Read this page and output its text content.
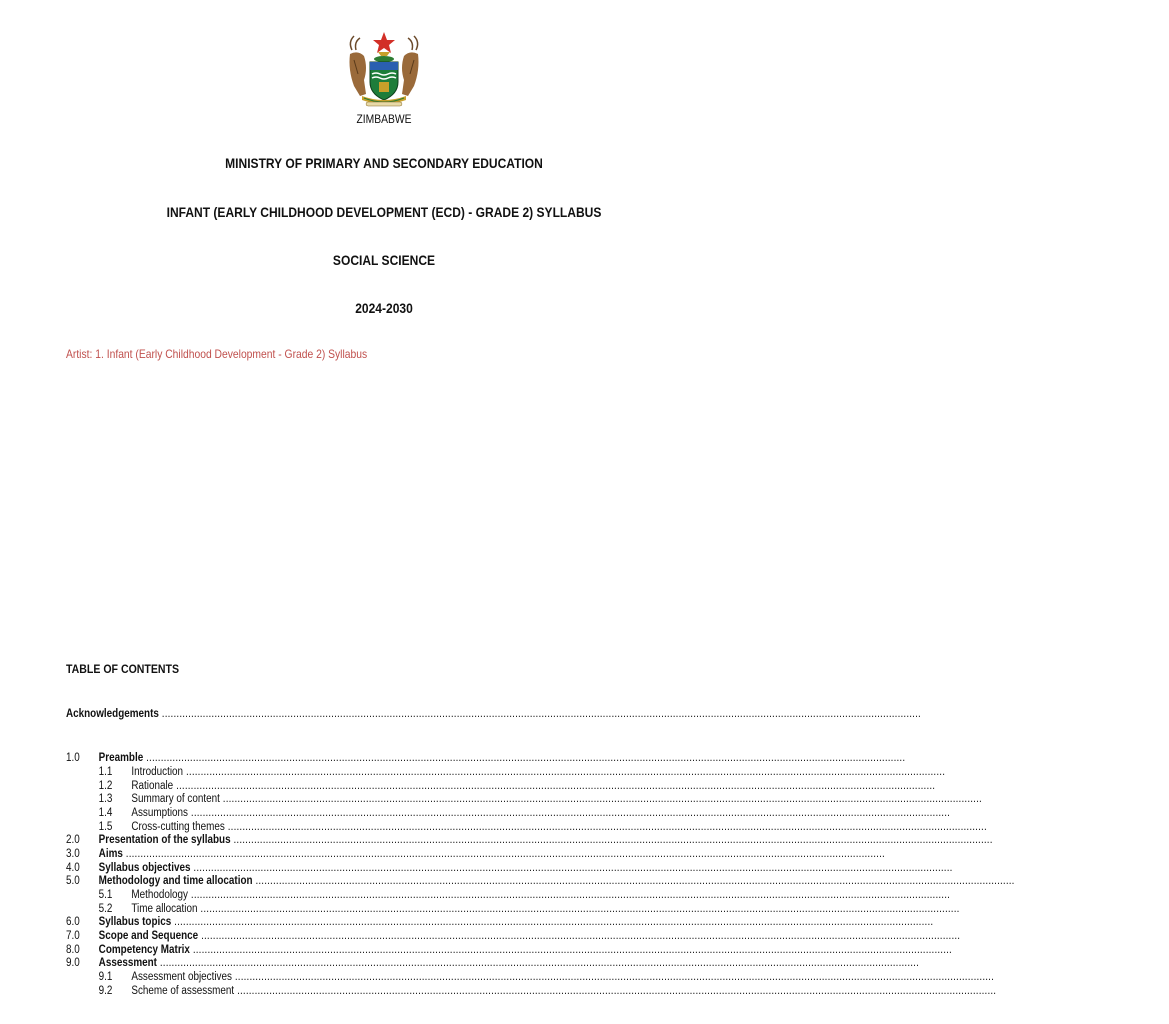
ZIMBABWE
MINISTRY OF PRIMARY AND SECONDARY EDUCATION
INFANT (EARLY CHILDHOOD DEVELOPMENT (ECD) - GRADE 2) SYLLABUS
SOCIAL SCIENCE
2024-2030
Artist: 1. Infant (Early Childhood Development - Grade 2) Syllabus
TABLE OF CONTENTS
Acknowledgements ....................................................................................................................................................................................................................................................................
1.0 Preamble ....................................................................................................................................................................................................................................................................
1.1 Introduction ....................................................................................................................................................................................................................................................................
1.2 Rationale ....................................................................................................................................................................................................................................................................
1.3 Summary of content ....................................................................................................................................................................................................................................................................
1.4 Assumptions ....................................................................................................................................................................................................................................................................
1.5 Cross-cutting themes ....................................................................................................................................................................................................................................................................
2.0 Presentation of the syllabus ....................................................................................................................................................................................................................................................................
3.0 Aims ....................................................................................................................................................................................................................................................................
4.0 Syllabus objectives ....................................................................................................................................................................................................................................................................
5.0 Methodology and time allocation ....................................................................................................................................................................................................................................................................
5.1 Methodology ....................................................................................................................................................................................................................................................................
5.2 Time allocation ....................................................................................................................................................................................................................................................................
6.0 Syllabus topics ....................................................................................................................................................................................................................................................................
7.0 Scope and Sequence ....................................................................................................................................................................................................................................................................
8.0 Competency Matrix ....................................................................................................................................................................................................................................................................
9.0 Assessment ....................................................................................................................................................................................................................................................................
9.1 Assessment objectives ....................................................................................................................................................................................................................................................................
9.2 Scheme of assessment ....................................................................................................................................................................................................................................................................
